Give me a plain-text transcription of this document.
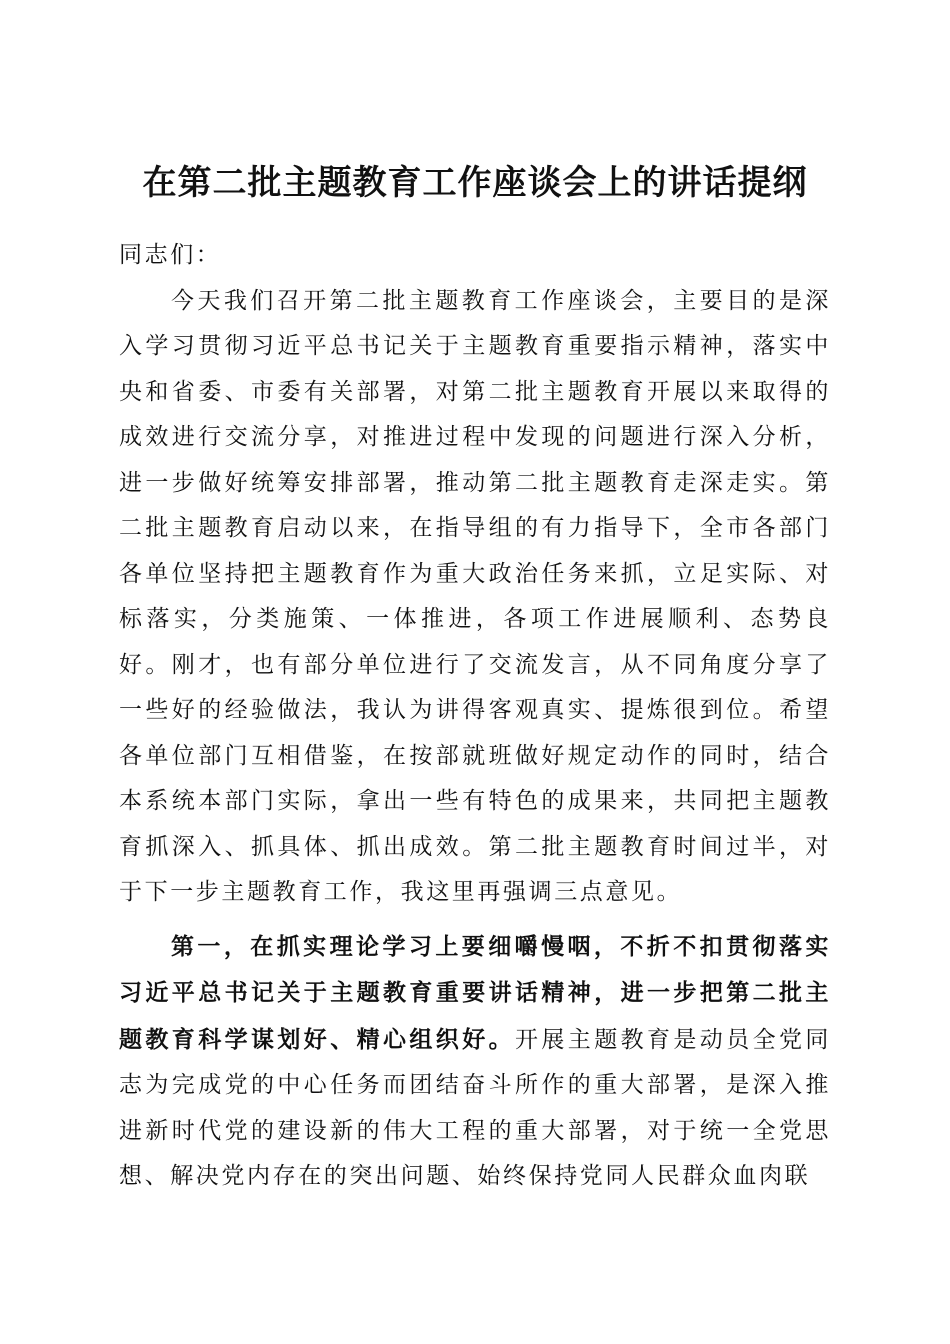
在第二批主题教育工作座谈会上的讲话提纲

同志们：

今天我们召开第二批主题教育工作座谈会，主要目的是深入学习贯彻习近平总书记关于主题教育重要指示精神，落实中央和省委、市委有关部署，对第二批主题教育开展以来取得的成效进行交流分享，对推进过程中发现的问题进行深入分析，进一步做好统筹安排部署，推动第二批主题教育走深走实。第二批主题教育启动以来，在指导组的有力指导下，全市各部门各单位坚持把主题教育作为重大政治任务来抓，立足实际、对标落实，分类施策、一体推进，各项工作进展顺利、态势良好。刚才，也有部分单位进行了交流发言，从不同角度分享了一些好的经验做法，我认为讲得客观真实、提炼很到位。希望各单位部门互相借鉴，在按部就班做好规定动作的同时，结合本系统本部门实际，拿出一些有特色的成果来，共同把主题教育抓深入、抓具体、抓出成效。第二批主题教育时间过半，对于下一步主题教育工作，我这里再强调三点意见。

第一，在抓实理论学习上要细嚼慢咽，不折不扣贯彻落实习近平总书记关于主题教育重要讲话精神，进一步把第二批主题教育科学谋划好、精心组织好。开展主题教育是动员全党同志为完成党的中心任务而团结奋斗所作的重大部署，是深入推进新时代党的建设新的伟大工程的重大部署，对于统一全党思想、解决党内存在的突出问题、始终保持党同人民群众血肉联
